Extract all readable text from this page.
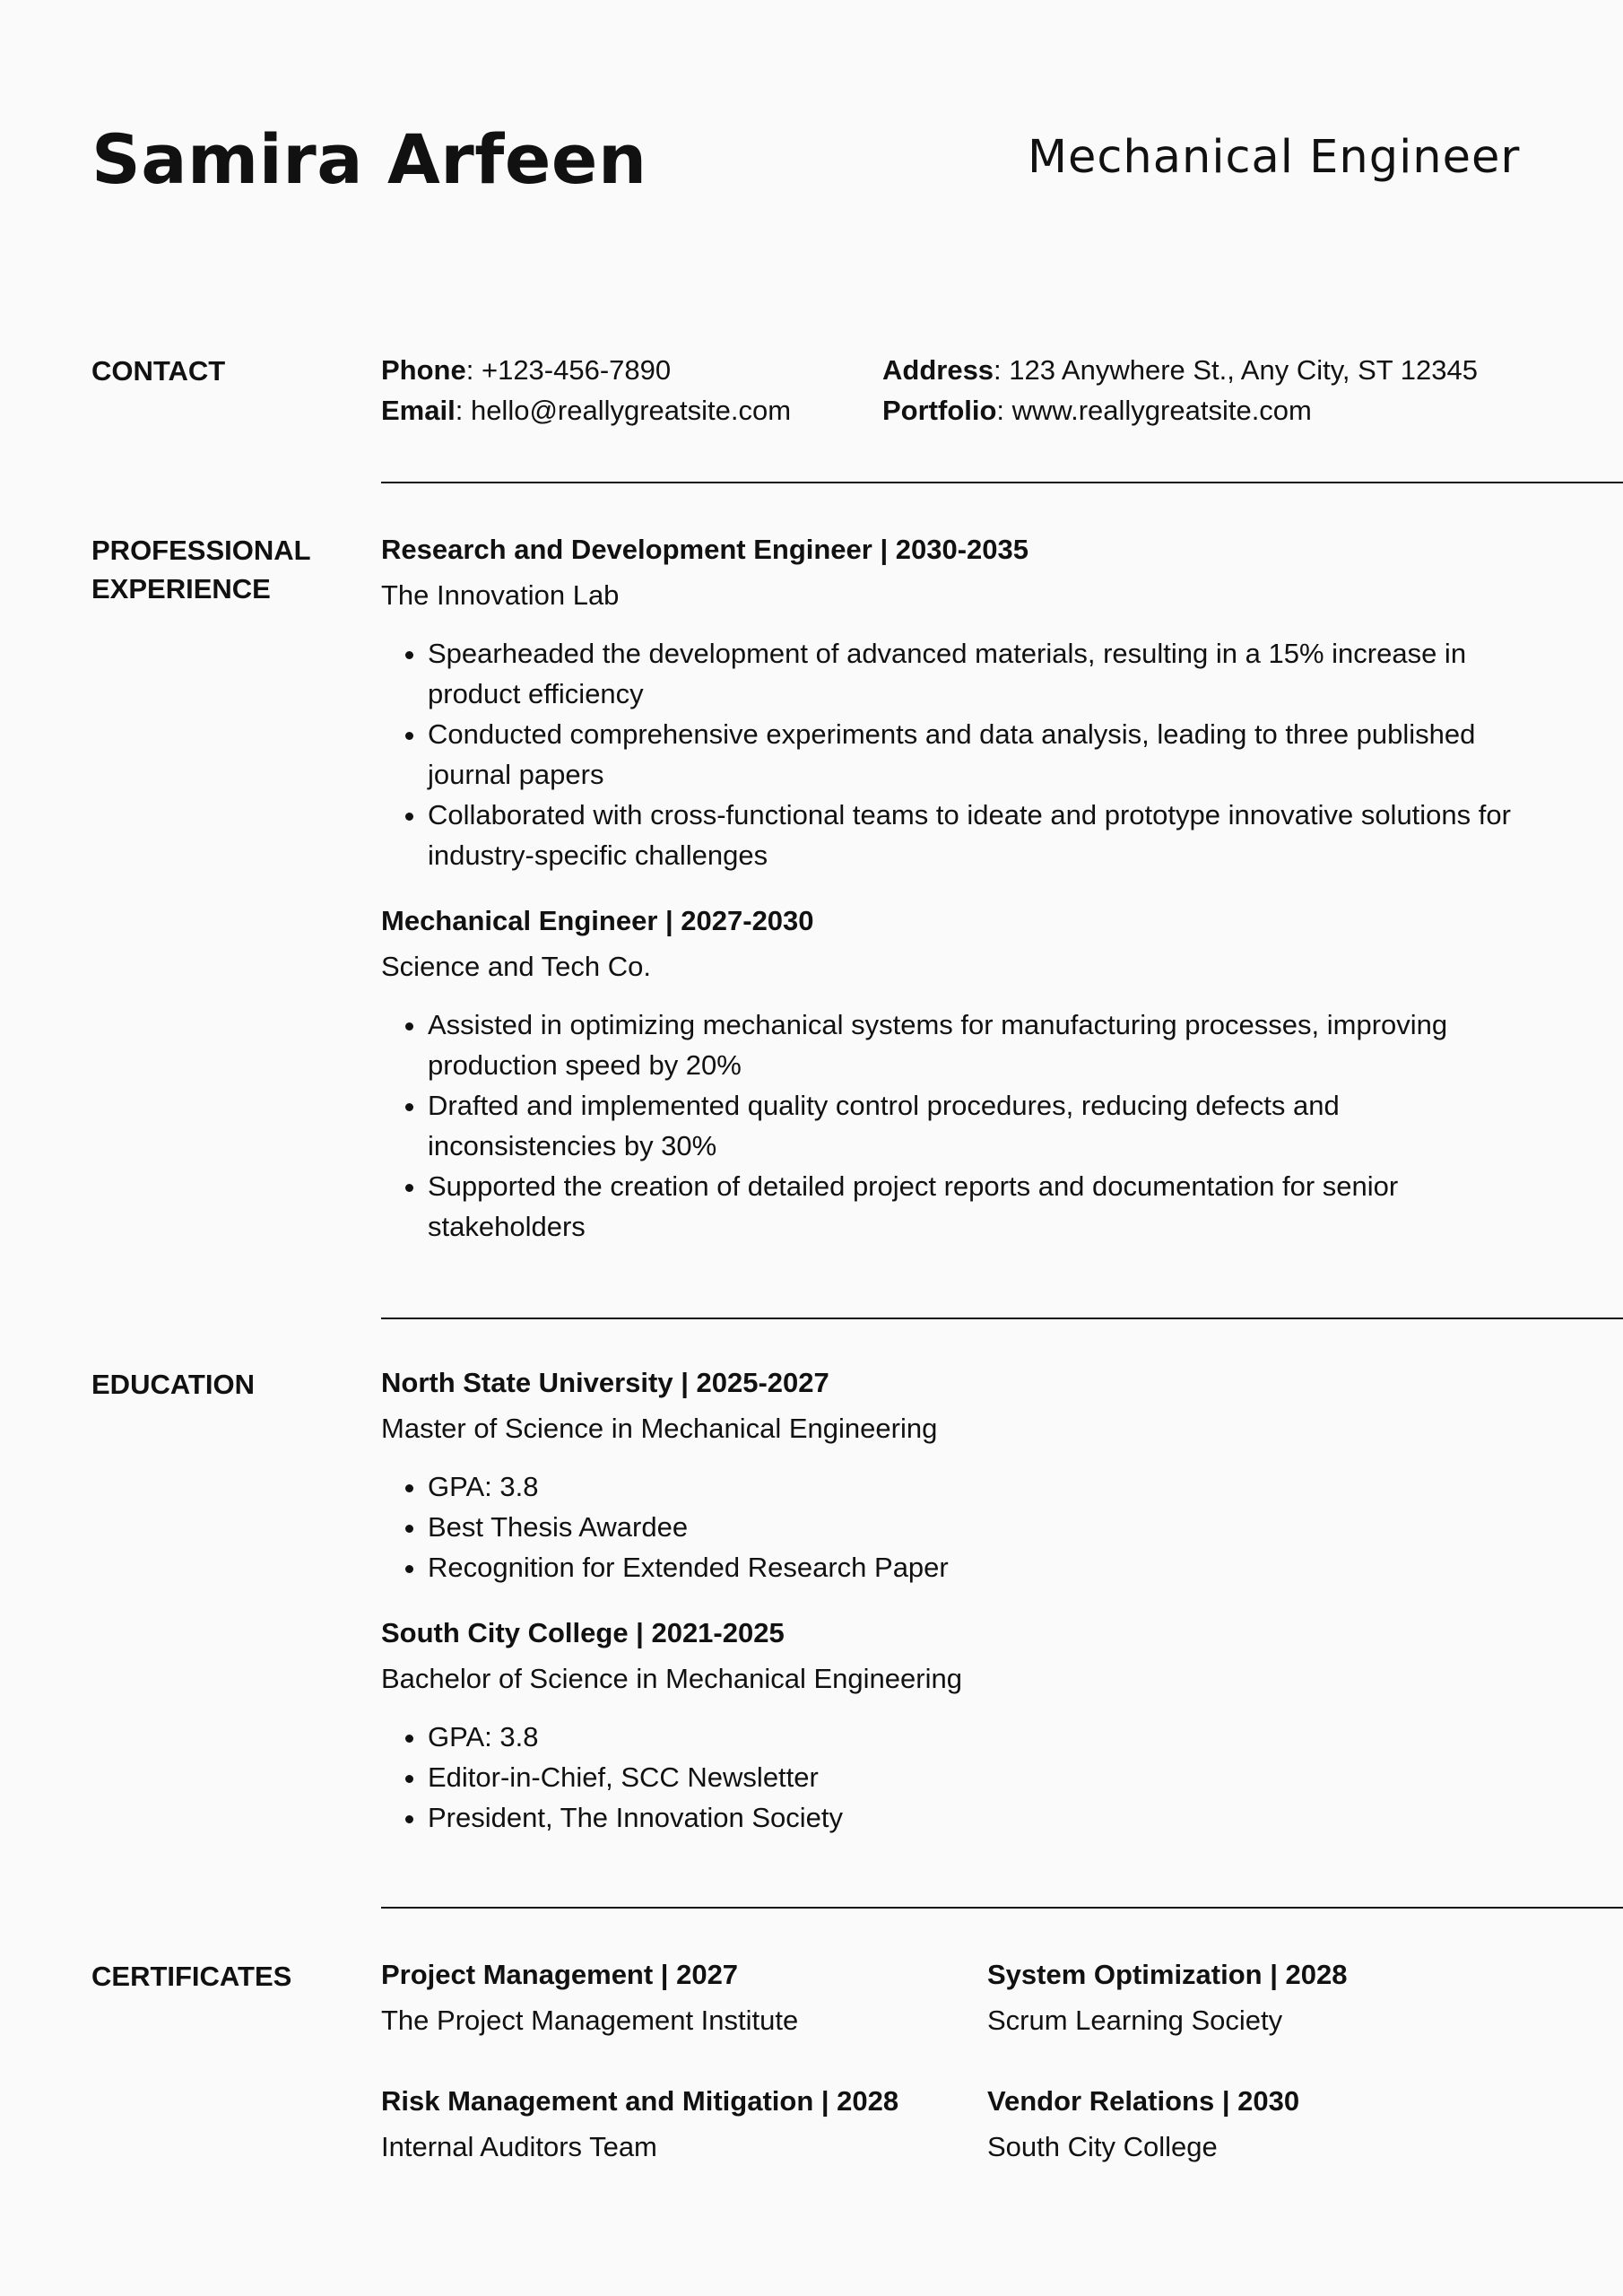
Samira Arfeen	Mechanical Engineer
CONTACT	Phone: +123-456-7890
Email: hello@reallygreatsite.com
Address: 123 Anywhere St., Any City, ST 12345
Portfolio: www.reallygreatsite.com
PROFESSIONAL
EXPERIENCE
Research and Development Engineer | 2030-2035
The Innovation Lab
• Spearheaded the development of advanced materials, resulting in a 15% increase in product efficiency
• Conducted comprehensive experiments and data analysis, leading to three published journal papers
• Collaborated with cross-functional teams to ideate and prototype innovative solutions for industry-specific challenges
Mechanical Engineer | 2027-2030
Science and Tech Co.
• Assisted in optimizing mechanical systems for manufacturing processes, improving production speed by 20%
• Drafted and implemented quality control procedures, reducing defects and inconsistencies by 30%
• Supported the creation of detailed project reports and documentation for senior stakeholders
EDUCATION	North State University | 2025-2027
Master of Science in Mechanical Engineering
• GPA: 3.8
• Best Thesis Awardee
• Recognition for Extended Research Paper
South City College | 2021-2025
Bachelor of Science in Mechanical Engineering
• GPA: 3.8
• Editor-in-Chief, SCC Newsletter
• President, The Innovation Society
CERTIFICATES	Project Management | 2027
The Project Management Institute
Risk Management and Mitigation | 2028
Internal Auditors Team
System Optimization | 2028
Scrum Learning Society
Vendor Relations | 2030
South City College
